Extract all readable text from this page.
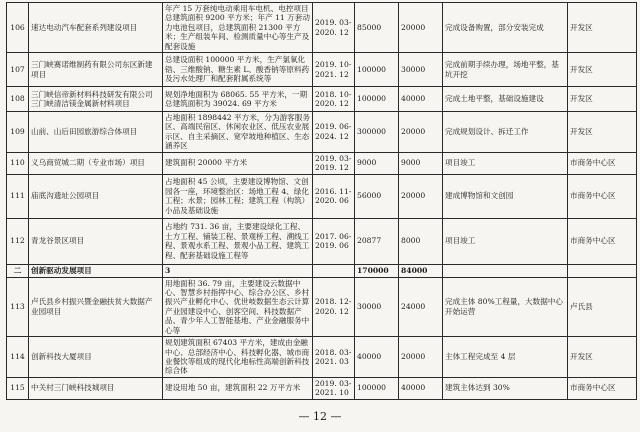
106	速达电动汽车配套系列建设项目	年产 15 万套纯电动乘用车电机、电控项目总建筑面积 9200 平方米；年产 11 万套动力电池包项目，总建筑面积 21300 平方米；生产组装车间、检测质量中心等生产及配套设施	2019. 03-2020. 12	85000	20000	完成设备购置，部分安装完成	开发区
107	三门峡赛诺维制药有限公司东区新建项目	总建设面积 100000 平方米，生产氯氧化锆、三维酸钠、糖生素 L、酸香钠等原料药及污水处理厂和配套附属系统等	2019. 10-2021. 12	100000	30000	完成前期手续办理，场地平整，基坑开挖	开发区
108	三门峡信帝新材料科技研发有限公司三门峡清洁镁金属新材料项目	规划净地面积为 68065. 55 平方米，一期总建筑面积为 39024. 69 平方米	2018. 10-2020. 12	100000	40000	完成土地平整，基础设施建设	开发区
109	山前、山后田园旅游综合体项目	占地面积 1898442 平方米，分为游客服务区、高端民宿区、休闲农业区、低压农业展示区、自主采摘区、宽窄坡地种植区、生态涵养区	2019. 06-2024. 12	300000	20000	完成规划设计、拆迁工作	开发区
110	义乌商贸城二期（专业市场）项目	建筑面积 20000 平方米	2019. 03-2019. 12	9000	9000	项目竣工	市商务中心区
111	庙底沟遗址公园项目	占地面积 45 公顷，主要建设博物馆、文创园各一座，环境整治区：场地工程 4、绿化工程；水景；园林工程；建筑工程（构筑）小品及基础设施	2016. 11-2020. 06	56000	20000	建成博物馆和文创园	市商务中心区
112	青龙谷景区项目	占地约 731. 36 亩，主要建设绿化工程、土方工程、铺装工程、景观桥工程、溯线工程、景观水系工程、景观小品工程、建筑工程、配套基础设施工程等	2017. 06-2019. 06	20877	8000	项目竣工	市商务中心区
二	创新驱动发展项目	3		170000	84000		
113	卢氏县乡村振兴暨金融扶贫大数据产业园项目	用地面积 36. 79 亩，主要建设云数据中心、智慧乡村指挥中心、综合办公区、乡村振兴产业孵化中心、优世岐数据生态云计算产业园建设中心、创客空间、科技数据产品、青少年人工智能基地、产业金融服务中心等	2018. 12-2020. 12	30000	24000	完成主体 80%工程量，大数据中心开始运营	卢氏县
114	创新科技大厦项目	规划建筑面积 67403 平方米，建成由金融中心、总部经济中心、科技孵化器、城市商业餐饮等组成的现代化地标性高端创新科技综合体	2018. 03-2021. 03	40000	20000	主体工程完成至 4 层	开发区
115	中关村三门峡科技城项目	建设用地 50 亩，建筑面积 22 万平方米	2019. 03-2021. 10	100000	40000	建筑主体达到 30%	市商务中心区
— 12 —
